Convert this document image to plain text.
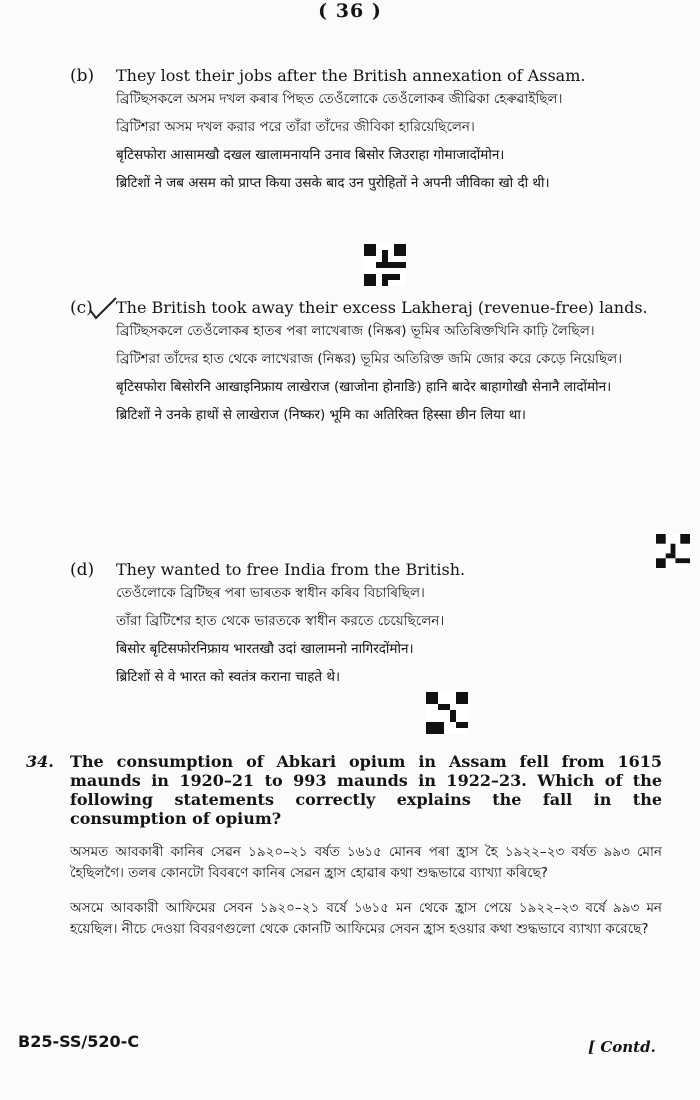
( 36 )
(b) They lost their jobs after the British annexation of Assam.

ব্ৰিটিছসকলে অসম দখল কৰাৰ পিছত তেওঁলোকে তেওঁলোকৰ জীৱিকা হেৰুৱাইছিল।

ব্রিটিশরা অসম দখল করার পরে তাঁরা তাঁদের জীবিকা হারিয়েছিলেন।

बृटिसफोरा आसामखौ दखल खालामनायनि उनाव बिसोर जिउराहा गोमाजादोंमोन।

ब्रिटिशों ने जब असम को प्राप्त किया उसके बाद उन पुरोहितों ने अपनी जीविका खो दी थी।

(c) The British took away their excess Lakheraj (revenue-free) lands.

ব্ৰিটিছসকলে তেওঁলোকৰ হাতৰ পৰা লাখেৰাজ (নিষ্কৰ) ভূমিৰ অতিৰিক্তখিনি কাঢ়ি লৈছিল।

ব্রিটিশরা তাঁদের হাত থেকে লাখেরাজ (নিষ্কর) ভূমির অতিরিক্ত জমি জোর করে কেড়ে নিয়েছিল।

बृटिसफोरा बिसोरनि आखाइनिफ्राय लाखेराज (खाजोना होनाङि) हानि बादेर बाहागोखौ सेनानै लादोंमोन।

ब्रिटिशों ने उनके हाथों से लाखेराज (निष्कर) भूमि का अतिरिक्त हिस्सा छीन लिया था।

(d) They wanted to free India from the British.

তেওঁলোকে ব্ৰিটিছৰ পৰা ভাৰতক স্বাধীন কৰিব বিচাৰিছিল।

তাঁরা ব্রিটিশের হাত থেকে ভারতকে স্বাধীন করতে চেয়েছিলেন।

बिसोर बृटिसफोरनिफ्राय भारतखौ उदां खालामनो नागिरदोंमोन।

ब्रिटिशों से वे भारत को स्वतंत्र कराना चाहते थे।

34. The consumption of Abkari opium in Assam fell from 1615 maunds in 1920–21 to 993 maunds in 1922–23. Which of the following statements correctly explains the fall in the consumption of opium?

অসমত আবকাৰী কানিৰ সেৱন ১৯২০–২১ বৰ্ষত ১৬১৫ মোনৰ পৰা হ্ৰাস হৈ ১৯২২–২৩ বৰ্ষত ৯৯৩ মোন হৈছিলগৈ। তলৰ কোনটো বিবৰণে কানিৰ সেৱন হ্ৰাস হোৱাৰ কথা শুদ্ধভাৱে ব্যাখ্যা কৰিছে?

অসমে আবকারী আফিমের সেবন ১৯২০–২১ বর্ষে ১৬১৫ মন থেকে হ্রাস পেয়ে ১৯২২–২৩ বর্ষে ৯৯৩ মন হয়েছিল। নীচে দেওয়া বিবরণগুলো থেকে কোনটি আফিমের সেবন হ্রাস হওয়ার কথা শুদ্ধভাবে ব্যাখ্যা করেছে?

B25-SS/520-C	[ Contd.
